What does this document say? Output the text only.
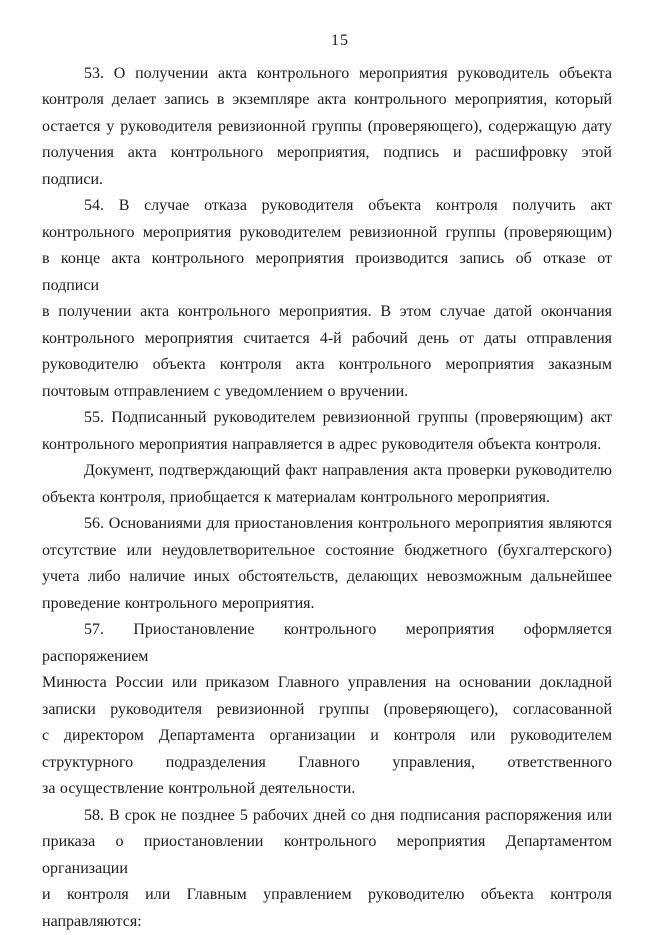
15
53. О получении акта контрольного мероприятия руководитель объекта
контроля делает запись в экземпляре акта контрольного мероприятия, который
остается у руководителя ревизионной группы (проверяющего), содержащую дату
получения акта контрольного мероприятия, подпись и расшифровку этой подписи.
54. В случае отказа руководителя объекта контроля получить акт
контрольного мероприятия руководителем ревизионной группы (проверяющим)
в конце акта контрольного мероприятия производится запись об отказе от подписи
в получении акта контрольного мероприятия. В этом случае датой окончания
контрольного мероприятия считается 4-й рабочий день от даты отправления
руководителю объекта контроля акта контрольного мероприятия заказным
почтовым отправлением с уведомлением о вручении.
55. Подписанный руководителем ревизионной группы (проверяющим) акт
контрольного мероприятия направляется в адрес руководителя объекта контроля.
Документ, подтверждающий факт направления акта проверки руководителю
объекта контроля, приобщается к материалам контрольного мероприятия.
56. Основаниями для приостановления контрольного мероприятия являются
отсутствие или неудовлетворительное состояние бюджетного (бухгалтерского)
учета либо наличие иных обстоятельств, делающих невозможным дальнейшее
проведение контрольного мероприятия.
57. Приостановление контрольного мероприятия оформляется распоряжением
Минюста России или приказом Главного управления на основании докладной
записки руководителя ревизионной группы (проверяющего), согласованной
с директором Департамента организации и контроля или руководителем
структурного подразделения Главного управления, ответственного
за осуществление контрольной деятельности.
58. В срок не позднее 5 рабочих дней со дня подписания распоряжения или
приказа о приостановлении контрольного мероприятия Департаментом организации
и контроля или Главным управлением руководителю объекта контроля
направляются:
